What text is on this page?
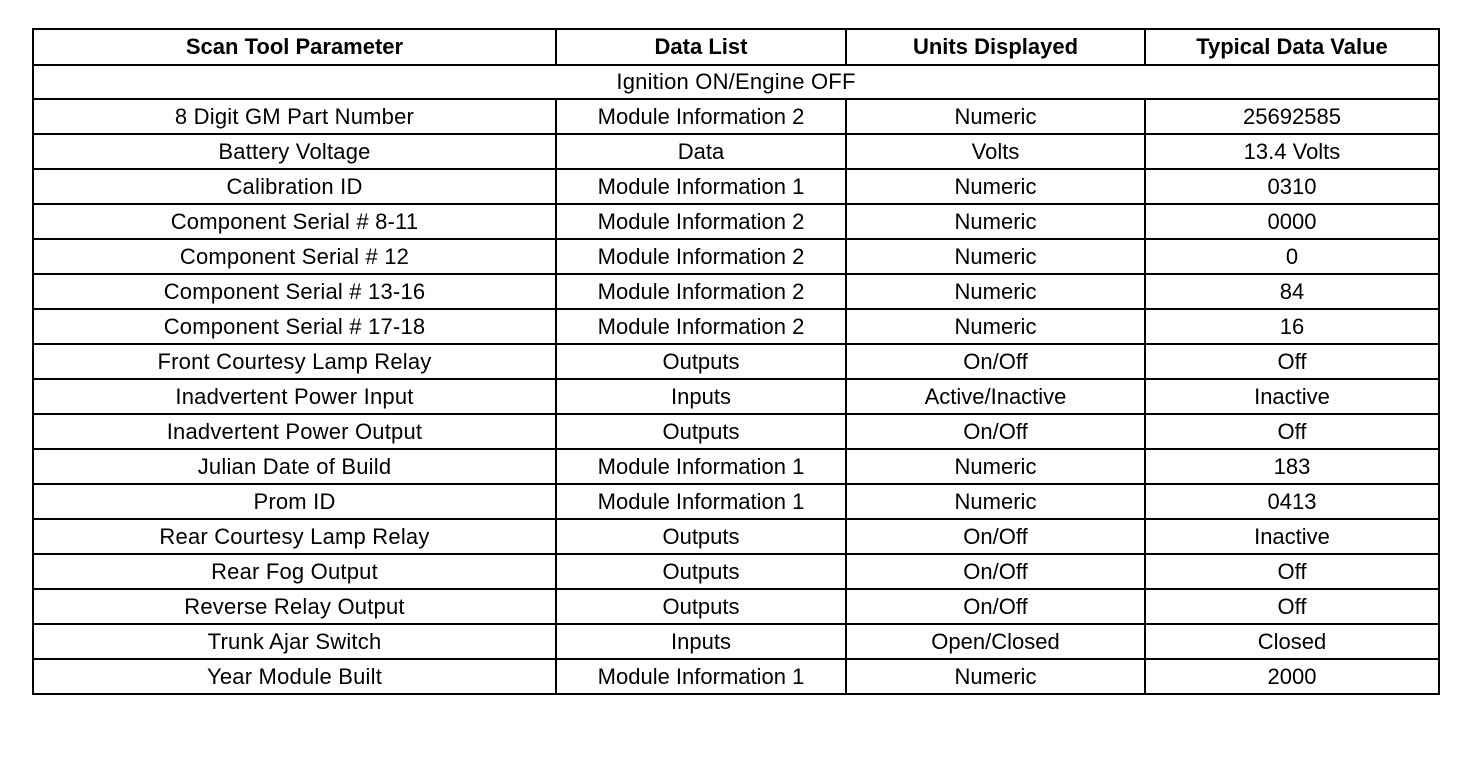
Scan Tool Parameter	Data List	Units Displayed	Typical Data Value
Ignition ON/Engine OFF			
8 Digit GM Part Number	Module Information 2	Numeric	25692585
Battery Voltage	Data	Volts	13.4 Volts
Calibration ID	Module Information 1	Numeric	0310
Component Serial # 8-11	Module Information 2	Numeric	0000
Component Serial # 12	Module Information 2	Numeric	0
Component Serial # 13-16	Module Information 2	Numeric	84
Component Serial # 17-18	Module Information 2	Numeric	16
Front Courtesy Lamp Relay	Outputs	On/Off	Off
Inadvertent Power Input	Inputs	Active/Inactive	Inactive
Inadvertent Power Output	Outputs	On/Off	Off
Julian Date of Build	Module Information 1	Numeric	183
Prom ID	Module Information 1	Numeric	0413
Rear Courtesy Lamp Relay	Outputs	On/Off	Inactive
Rear Fog Output	Outputs	On/Off	Off
Reverse Relay Output	Outputs	On/Off	Off
Trunk Ajar Switch	Inputs	Open/Closed	Closed
Year Module Built	Module Information 1	Numeric	2000
